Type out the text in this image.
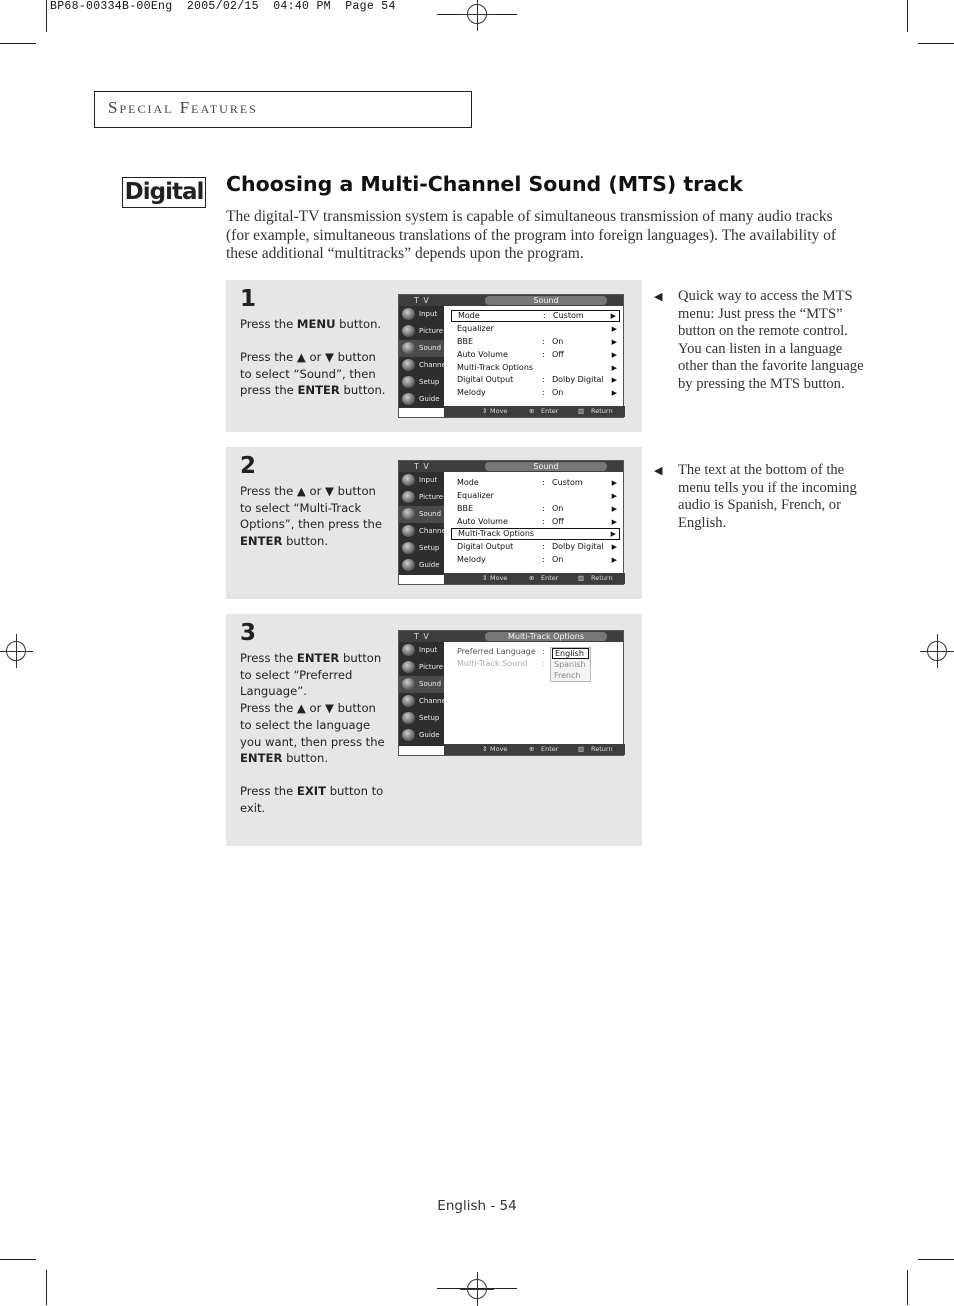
BP68-00334B-00Eng  2005/02/15  04:40 PM  Page 54
Special Features
Digital Choosing a Multi-Channel Sound (MTS) track
The digital-TV transmission system is capable of simultaneous transmission of many audio tracks (for example, simultaneous translations of the program into foreign languages). The availability of these additional “multitracks” depends upon the program.
1
Press the MENU button.
Press the ▲ or ▼ button to select “Sound”, then press the ENTER button.
T V	Sound
Input
Picture
Sound
Channel
Setup
Guide
Mode	: Custom	▶
Equalizer	▶
BBE	: On	▶
Auto Volume	: Off	▶
Multi-Track Options	▶
Digital Output	: Dolby Digital ▶
Melody	: On	▶
⇕ Move	⊕ Enter	▥ Return
2
Press the ▲ or ▼ button to select “Multi-Track Options”, then press the ENTER button.
T V	Sound
Input
Picture
Sound
Channel
Setup
Guide
Mode	: Custom	▶
Equalizer	▶
BBE	: On	▶
Auto Volume	: Off	▶
Multi-Track Options	▶
Digital Output	: Dolby Digital ▶
Melody	: On	▶
⇕ Move	⊕ Enter	▥ Return
3
Press the ENTER button to select “Preferred Language”.
Press the ▲ or ▼ button to select the language you want, then press the ENTER button.
Press the EXIT button to exit.
T V	Multi-Track Options
Input
Picture
Sound
Channel
Setup
Guide
Preferred Language :
Multi-Track Sound :
English
Spanish
French
⇕ Move	⊕ Enter	▥ Return
◀ Quick way to access the MTS menu: Just press the “MTS” button on the remote control. You can listen in a language other than the favorite language by pressing the MTS button.
◀ The text at the bottom of the menu tells you if the incoming audio is Spanish, French, or English.
English - 54
